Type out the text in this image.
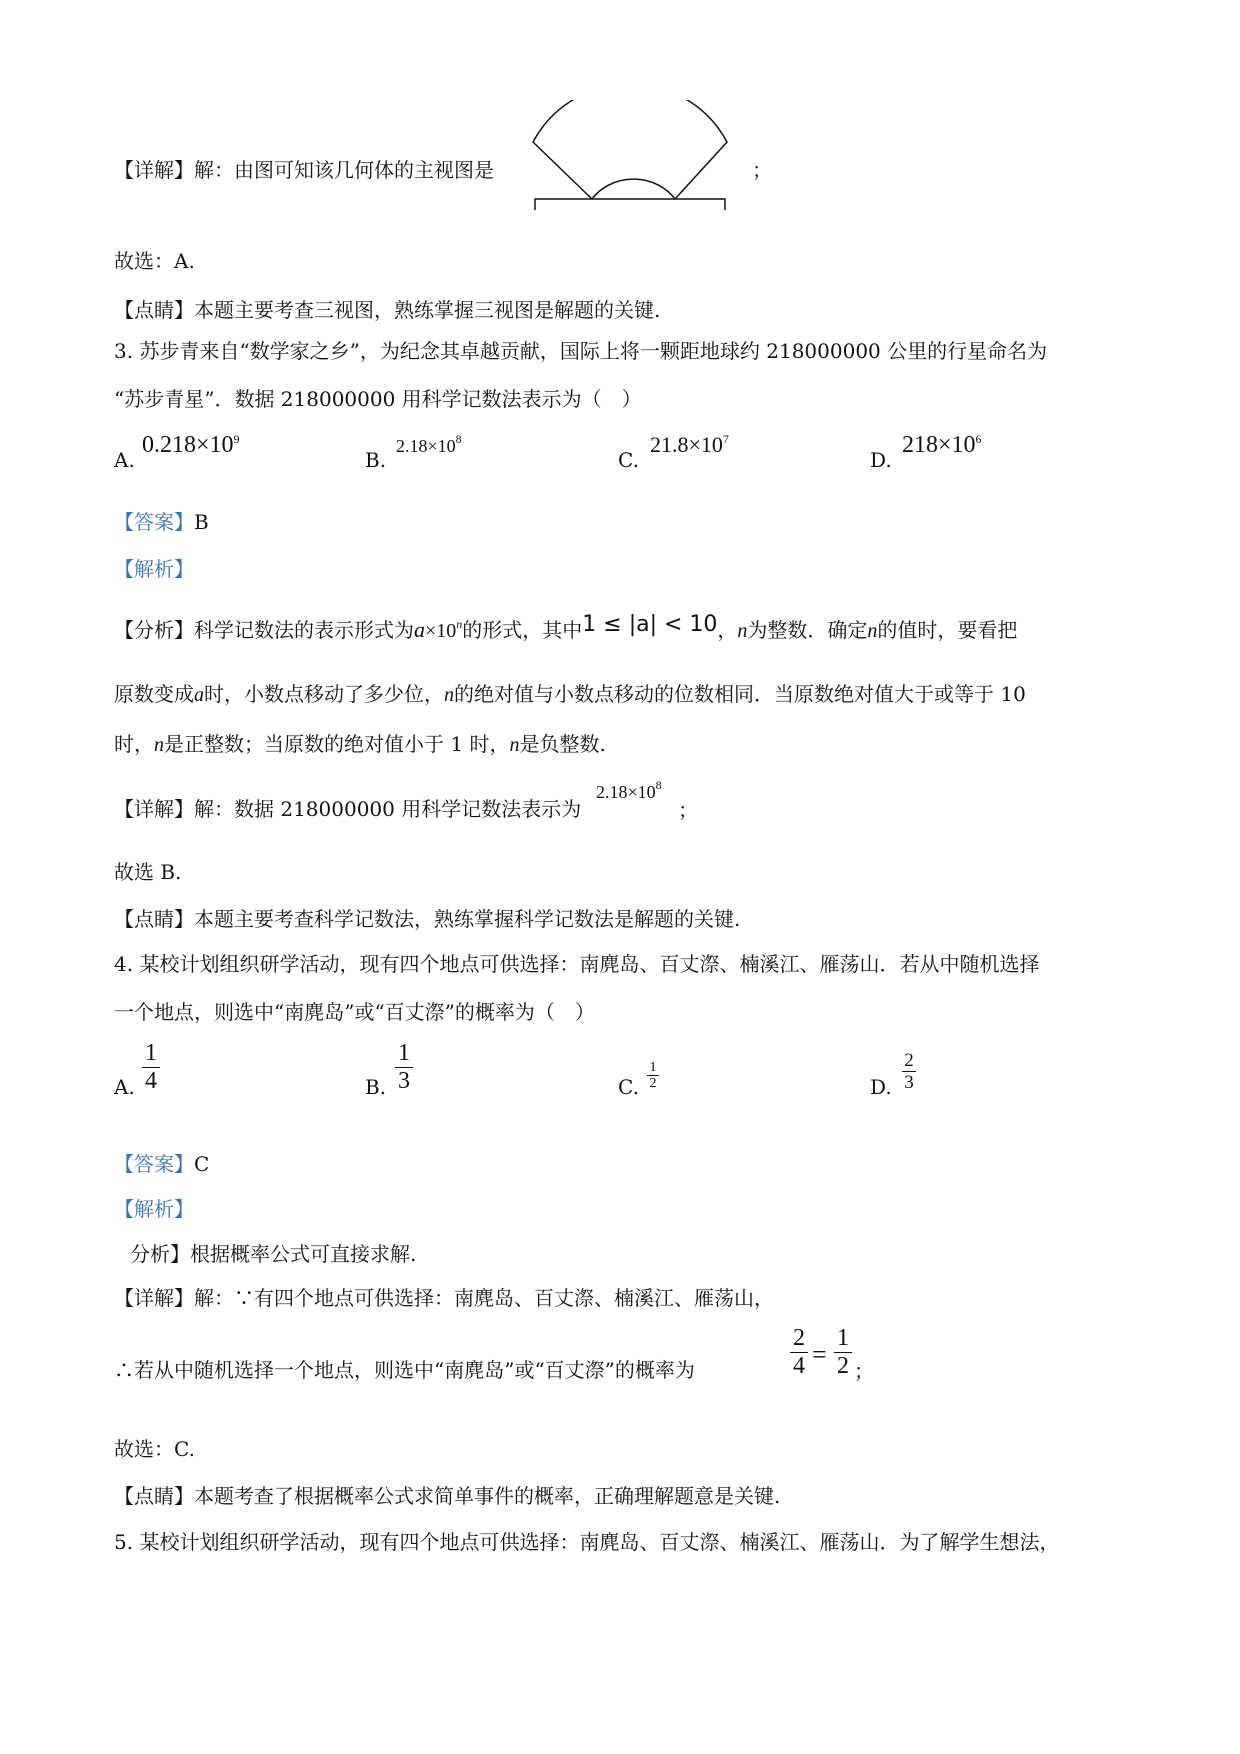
【详解】解：由图可知该几何体的主视图是	；
故选：A.
【点睛】本题主要考查三视图，熟练掌握三视图是解题的关键.
3. 苏步青来自“数学家之乡”，为纪念其卓越贡献，国际上将一颗距地球约 218000000 公里的行星命名为
“苏步青星”．数据 218000000 用科学记数法表示为（　）
A.
$0.218\times 10^9$
B.
$2.18\times 10^8$
C.
$21.8\times 10^7$
D.
$218\times 10^6$
【答案】B
【解析】
【分析】科学记数法的表示形式为$a\times 10^n$的形式，其中1 ≤ |a| < 10，n为整数．确定n的值时，要看把
原数变成a时，小数点移动了多少位，n的绝对值与小数点移动的位数相同．当原数绝对值大于或等于 10
时，n是正整数；当原数的绝对值小于 1 时，n是负整数.
【详解】解：数据 218000000 用科学记数法表示为
$2.18\times 10^8$
；
故选 B.
【点睛】本题主要考查科学记数法，熟练掌握科学记数法是解题的关键.
4. 某校计划组织研学活动，现有四个地点可供选择：南麂岛、百丈漈、楠溪江、雁荡山．若从中随机选择
一个地点，则选中“南麂岛”或“百丈漈”的概率为（　）
A.
1
4	B.
1
3	C.
1
2	D.
2
3
【答案】C
【解析】
分析】根据概率公式可直接求解.
【详解】解：∵有四个地点可供选择：南麂岛、百丈漈、楠溪江、雁荡山，
∴若从中随机选择一个地点，则选中“南麂岛”或“百丈漈”的概率为
2
4 =
1
2 ；
故选：C.
【点睛】本题考查了根据概率公式求简单事件的概率，正确理解题意是关键.
5. 某校计划组织研学活动，现有四个地点可供选择：南麂岛、百丈漈、楠溪江、雁荡山．为了解学生想法，
